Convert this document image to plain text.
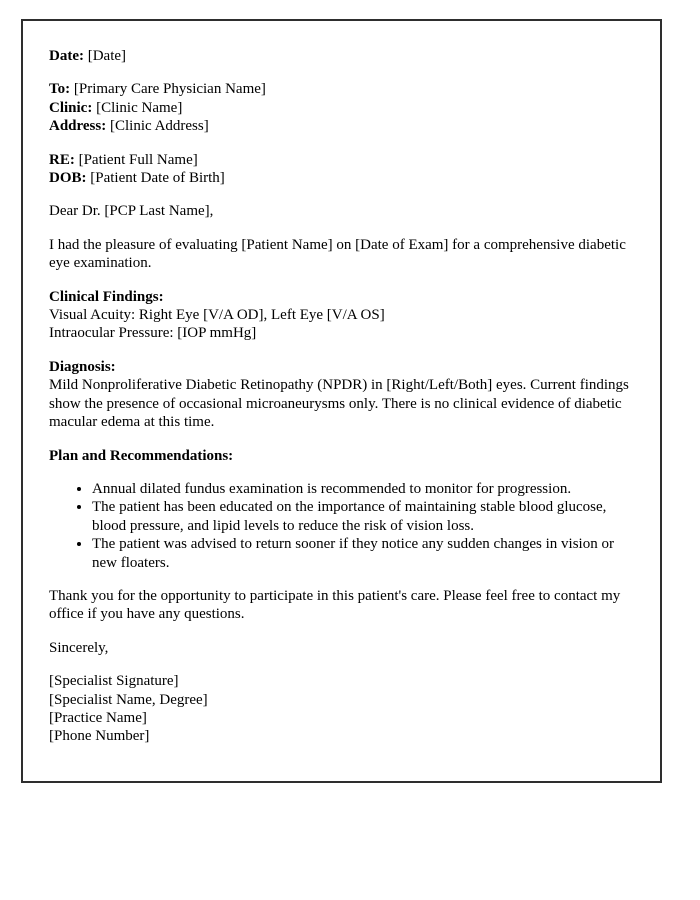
Date: [Date]
To: [Primary Care Physician Name]
Clinic: [Clinic Name]
Address: [Clinic Address]
RE: [Patient Full Name]
DOB: [Patient Date of Birth]
Dear Dr. [PCP Last Name],
I had the pleasure of evaluating [Patient Name] on [Date of Exam] for a comprehensive diabetic eye examination.
Clinical Findings:
Visual Acuity: Right Eye [V/A OD], Left Eye [V/A OS]
Intraocular Pressure: [IOP mmHg]
Diagnosis:
Mild Nonproliferative Diabetic Retinopathy (NPDR) in [Right/Left/Both] eyes. Current findings show the presence of occasional microaneurysms only. There is no clinical evidence of diabetic macular edema at this time.
Plan and Recommendations:
• Annual dilated fundus examination is recommended to monitor for progression.
• The patient has been educated on the importance of maintaining stable blood glucose, blood pressure, and lipid levels to reduce the risk of vision loss.
• The patient was advised to return sooner if they notice any sudden changes in vision or new floaters.
Thank you for the opportunity to participate in this patient's care. Please feel free to contact my office if you have any questions.
Sincerely,
[Specialist Signature]
[Specialist Name, Degree]
[Practice Name]
[Phone Number]
